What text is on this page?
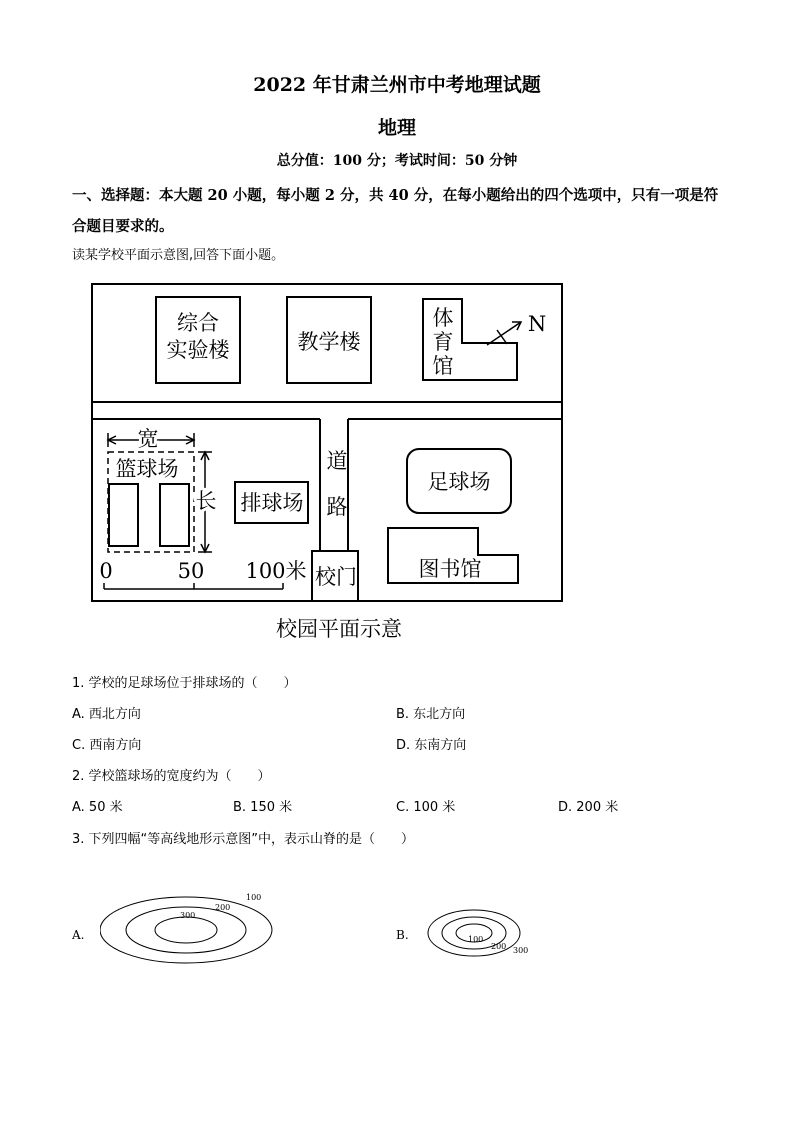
2022 年甘肃兰州市中考地理试题
地理
总分值：100 分；考试时间：50 分钟
一、选择题：本大题 20 小题，每小题 2 分，共 40 分，在每小题给出的四个选项中，只有一项是符合题目要求的。
读某学校平面示意图,回答下面小题。
综合
实验楼	教学楼
体
育
馆
N
道
路
篮球场
宽
长 排球场
足球场
图书馆
校门
0	50 100米
校园平面示意
1. 学校的足球场位于排球场的（　　）
A. 西北方向	B. 东北方向
C. 西南方向	D. 东南方向
2. 学校篮球场的宽度约为（　　）
A. 50 米	B. 150 米	C. 100 米	D. 200 米
3. 下列四幅“等高线地形示意图”中，表示山脊的是（　　）
A.	B.
100
200
300
100
200 300
